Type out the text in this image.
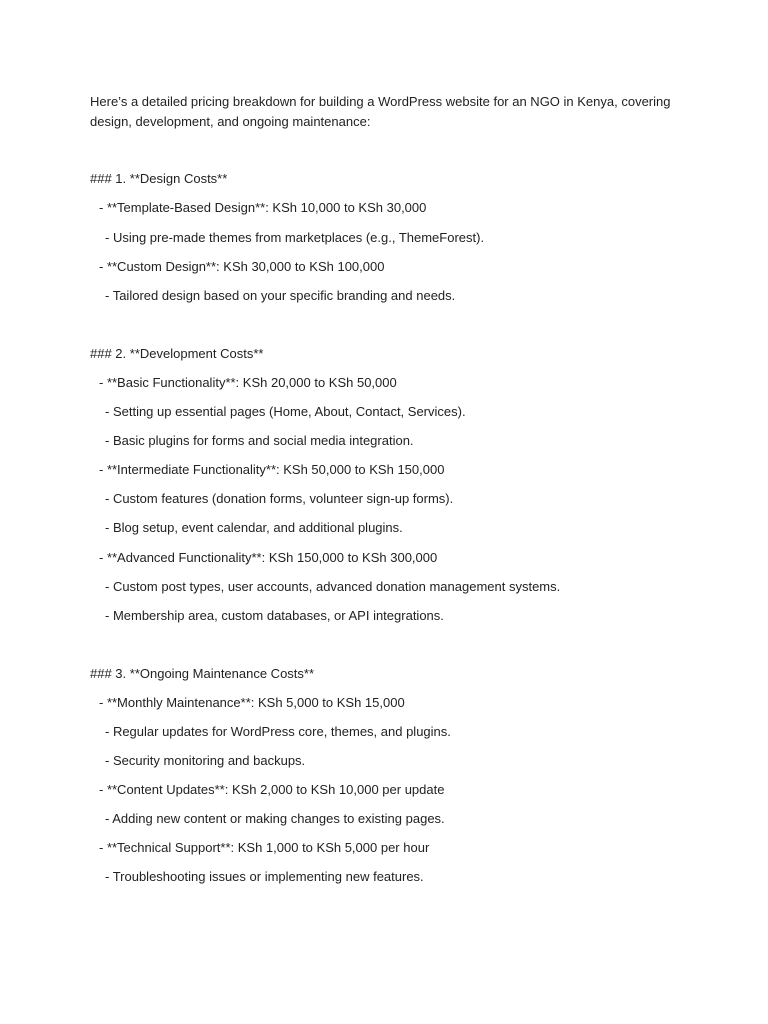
Here’s a detailed pricing breakdown for building a WordPress website for an NGO in Kenya, covering design, development, and ongoing maintenance:

### 1. **Design Costs**

- **Template-Based Design**: KSh 10,000 to KSh 30,000

- Using pre-made themes from marketplaces (e.g., ThemeForest).

- **Custom Design**: KSh 30,000 to KSh 100,000

- Tailored design based on your specific branding and needs.

### 2. **Development Costs**

- **Basic Functionality**: KSh 20,000 to KSh 50,000

- Setting up essential pages (Home, About, Contact, Services).

- Basic plugins for forms and social media integration.

- **Intermediate Functionality**: KSh 50,000 to KSh 150,000

- Custom features (donation forms, volunteer sign-up forms).

- Blog setup, event calendar, and additional plugins.

- **Advanced Functionality**: KSh 150,000 to KSh 300,000

- Custom post types, user accounts, advanced donation management systems.

- Membership area, custom databases, or API integrations.

### 3. **Ongoing Maintenance Costs**

- **Monthly Maintenance**: KSh 5,000 to KSh 15,000

- Regular updates for WordPress core, themes, and plugins.

- Security monitoring and backups.

- **Content Updates**: KSh 2,000 to KSh 10,000 per update

- Adding new content or making changes to existing pages.

- **Technical Support**: KSh 1,000 to KSh 5,000 per hour

- Troubleshooting issues or implementing new features.
